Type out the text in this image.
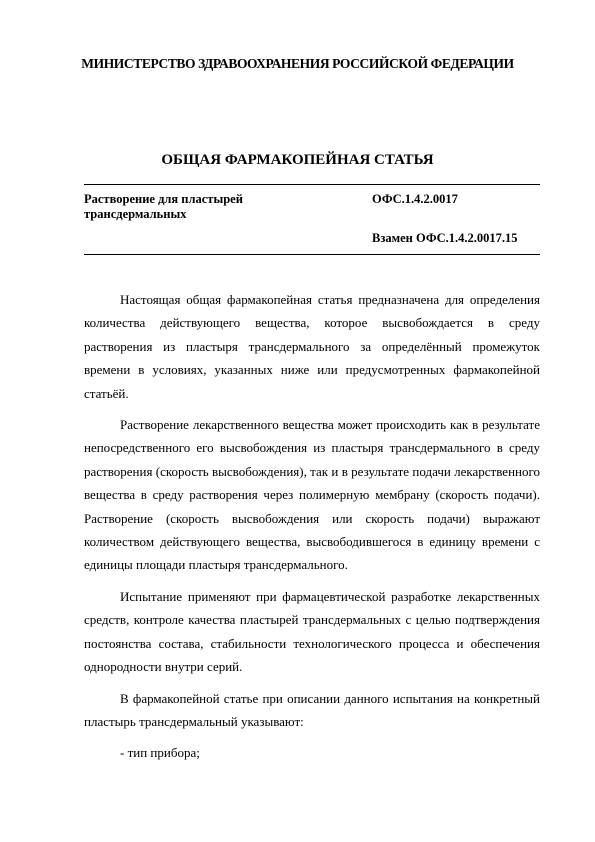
МИНИСТЕРСТВО ЗДРАВООХРАНЕНИЯ РОССИЙСКОЙ ФЕДЕРАЦИИ
ОБЩАЯ ФАРМАКОПЕЙНАЯ СТАТЬЯ
Растворение для пластырей трансдермальных
ОФС.1.4.2.0017
Взамен ОФС.1.4.2.0017.15

Настоящая общая фармакопейная статья предназначена для определения количества действующего вещества, которое высвобождается в среду растворения из пластыря трансдермального за определённый промежуток времени в условиях, указанных ниже или предусмотренных фармакопейной статьёй.

Растворение лекарственного вещества может происходить как в результате непосредственного его высвобождения из пластыря трансдермального в среду растворения (скорость высвобождения), так и в результате подачи лекарственного вещества в среду растворения через полимерную мембрану (скорость подачи). Растворение (скорость высвобождения или скорость подачи) выражают количеством действующего вещества, высвободившегося в единицу времени с единицы площади пластыря трансдермального.

Испытание применяют при фармацевтической разработке лекарственных средств, контроле качества пластырей трансдермальных с целью подтверждения постоянства состава, стабильности технологического процесса и обеспечения однородности внутри серий.

В фармакопейной статье при описании данного испытания на конкретный пластырь трансдермальный указывают:

- тип прибора;
